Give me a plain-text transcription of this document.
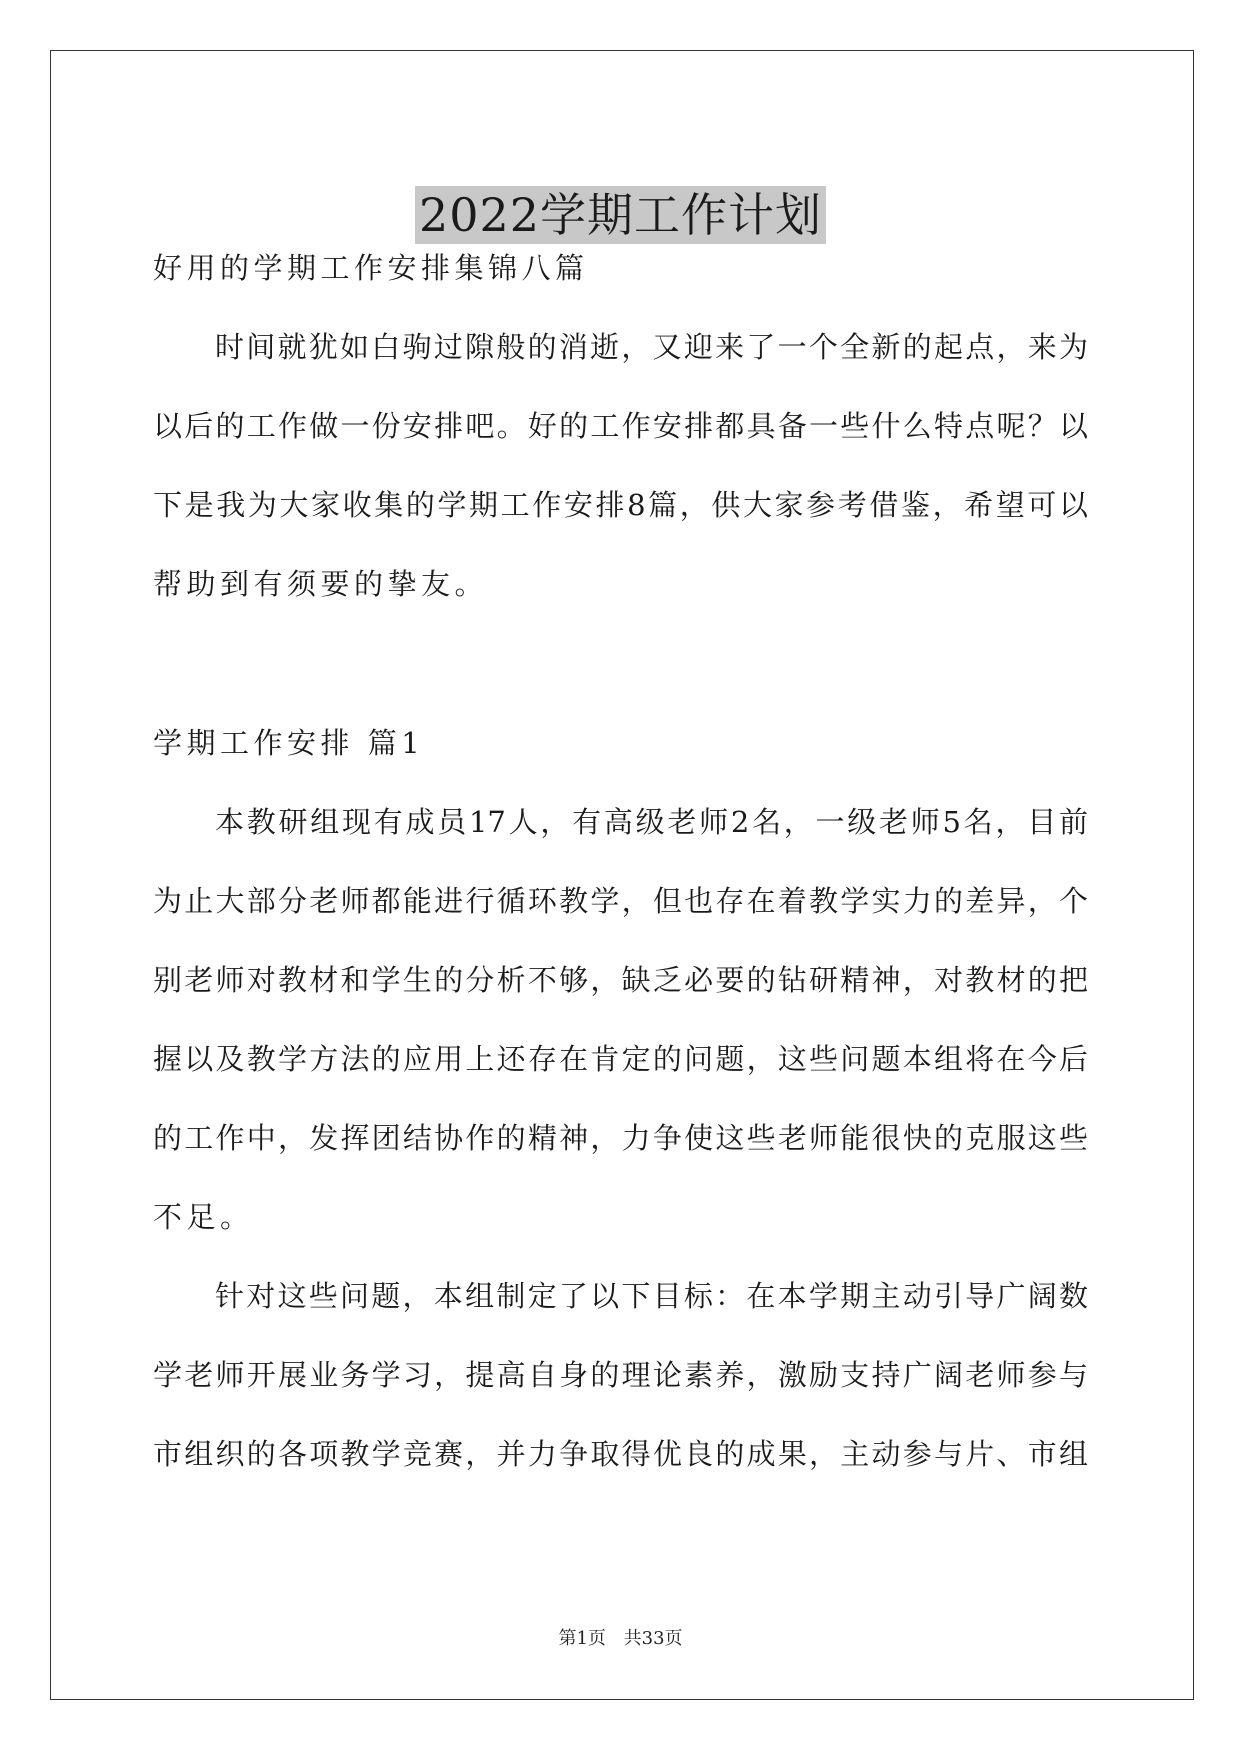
2022学期工作计划
好用的学期工作安排集锦八篇
时间就犹如白驹过隙般的消逝，又迎来了一个全新的起点，来为
以后的工作做一份安排吧。好的工作安排都具备一些什么特点呢？以
下是我为大家收集的学期工作安排8篇，供大家参考借鉴，希望可以
帮助到有须要的挚友。
学期工作安排 篇1
本教研组现有成员17人，有高级老师2名，一级老师5名，目前
为止大部分老师都能进行循环教学，但也存在着教学实力的差异，个
别老师对教材和学生的分析不够，缺乏必要的钻研精神，对教材的把
握以及教学方法的应用上还存在肯定的问题，这些问题本组将在今后
的工作中，发挥团结协作的精神，力争使这些老师能很快的克服这些
不足。
针对这些问题，本组制定了以下目标：在本学期主动引导广阔数
学老师开展业务学习，提高自身的理论素养，激励支持广阔老师参与
市组织的各项教学竞赛，并力争取得优良的成果，主动参与片、市组
第1页 共33页
